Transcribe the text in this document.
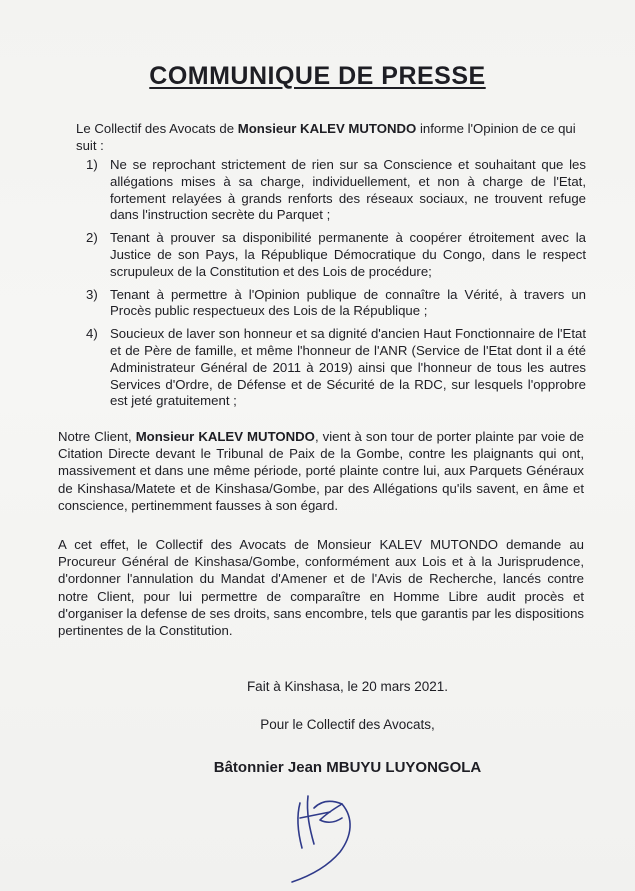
COMMUNIQUE DE PRESSE
Le Collectif des Avocats de Monsieur KALEV MUTONDO informe l'Opinion de ce qui suit :
1) Ne se reprochant strictement de rien sur sa Conscience et souhaitant que les allégations mises à sa charge, individuellement, et non à charge de l'Etat, fortement relayées à grands renforts des réseaux sociaux, ne trouvent refuge dans l'instruction secrète du Parquet ;
2) Tenant à prouver sa disponibilité permanente à coopérer étroitement avec la Justice de son Pays, la République Démocratique du Congo, dans le respect scrupuleux de la Constitution et des Lois de procédure;
3) Tenant à permettre à l'Opinion publique de connaître la Vérité, à travers un Procès public respectueux des Lois de la République ;
4) Soucieux de laver son honneur et sa dignité d'ancien Haut Fonctionnaire de l'Etat et de Père de famille, et même l'honneur de l'ANR (Service de l'Etat dont il a été Administrateur Général de 2011 à 2019) ainsi que l'honneur de tous les autres Services d'Ordre, de Défense et de Sécurité de la RDC, sur lesquels l'opprobre est jeté gratuitement ;
Notre Client, Monsieur KALEV MUTONDO, vient à son tour de porter plainte par voie de Citation Directe devant le Tribunal de Paix de la Gombe, contre les plaignants qui ont, massivement et dans une même période, porté plainte contre lui, aux Parquets Généraux de Kinshasa/Matete et de Kinshasa/Gombe, par des Allégations qu'ils savent, en âme et conscience, pertinemment fausses à son égard.
A cet effet, le Collectif des Avocats de Monsieur KALEV MUTONDO demande au Procureur Général de Kinshasa/Gombe, conformément aux Lois et à la Jurisprudence, d'ordonner l'annulation du Mandat d'Amener et de l'Avis de Recherche, lancés contre notre Client, pour lui permettre de comparaître en Homme Libre audit procès et d'organiser la defense de ses droits, sans encombre, tels que garantis par les dispositions pertinentes de la Constitution.
Fait à Kinshasa, le 20 mars 2021.
Pour le Collectif des Avocats,
Bâtonnier Jean MBUYU LUYONGOLA
